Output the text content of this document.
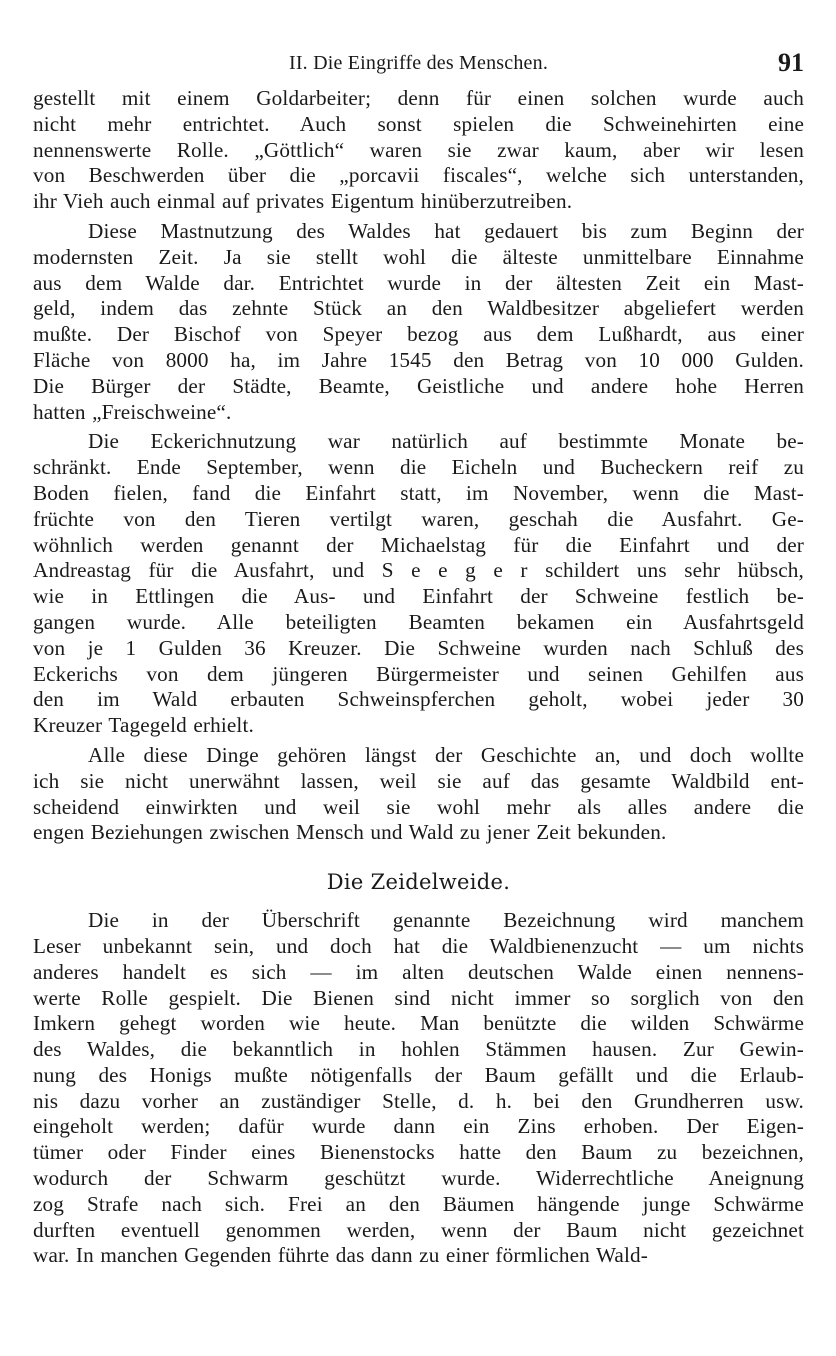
II. Die Eingriffe des Menschen.	91
gestellt mit einem Goldarbeiter; denn für einen solchen wurde auch
nicht mehr entrichtet. Auch sonst spielen die Schweinehirten eine
nennenswerte Rolle. „Göttlich“ waren sie zwar kaum, aber wir lesen
von Beschwerden über die „porcavii fiscales“, welche sich unterstanden,
ihr Vieh auch einmal auf privates Eigentum hinüberzutreiben.
Diese Mastnutzung des Waldes hat gedauert bis zum Beginn der
modernsten Zeit. Ja sie stellt wohl die älteste unmittelbare Einnahme
aus dem Walde dar. Entrichtet wurde in der ältesten Zeit ein Mast-
geld, indem das zehnte Stück an den Waldbesitzer abgeliefert werden
mußte. Der Bischof von Speyer bezog aus dem Lußhardt, aus einer
Fläche von 8000 ha, im Jahre 1545 den Betrag von 10 000 Gulden.
Die Bürger der Städte, Beamte, Geistliche und andere hohe Herren
hatten „Freischweine“.
Die Eckerichnutzung war natürlich auf bestimmte Monate be-
schränkt. Ende September, wenn die Eicheln und Bucheckern reif zu
Boden fielen, fand die Einfahrt statt, im November, wenn die Mast-
früchte von den Tieren vertilgt waren, geschah die Ausfahrt. Ge-
wöhnlich werden genannt der Michaelstag für die Einfahrt und der
Andreastag für die Ausfahrt, und S e e g e r schildert uns sehr hübsch,
wie in Ettlingen die Aus- und Einfahrt der Schweine festlich be-
gangen wurde. Alle beteiligten Beamten bekamen ein Ausfahrtsgeld
von je 1 Gulden 36 Kreuzer. Die Schweine wurden nach Schluß des
Eckerichs von dem jüngeren Bürgermeister und seinen Gehilfen aus
den im Wald erbauten Schweinspferchen geholt, wobei jeder 30
Kreuzer Tagegeld erhielt.
Alle diese Dinge gehören längst der Geschichte an, und doch wollte
ich sie nicht unerwähnt lassen, weil sie auf das gesamte Waldbild ent-
scheidend einwirkten und weil sie wohl mehr als alles andere die
engen Beziehungen zwischen Mensch und Wald zu jener Zeit bekunden.
Die Zeidelweide.
Die in der Überschrift genannte Bezeichnung wird manchem
Leser unbekannt sein, und doch hat die Waldbienenzucht — um nichts
anderes handelt es sich — im alten deutschen Walde einen nennens-
werte Rolle gespielt. Die Bienen sind nicht immer so sorglich von den
Imkern gehegt worden wie heute. Man benützte die wilden Schwärme
des Waldes, die bekanntlich in hohlen Stämmen hausen. Zur Gewin-
nung des Honigs mußte nötigenfalls der Baum gefällt und die Erlaub-
nis dazu vorher an zuständiger Stelle, d. h. bei den Grundherren usw.
eingeholt werden; dafür wurde dann ein Zins erhoben. Der Eigen-
tümer oder Finder eines Bienenstocks hatte den Baum zu bezeichnen,
wodurch der Schwarm geschützt wurde. Widerrechtliche Aneignung
zog Strafe nach sich. Frei an den Bäumen hängende junge Schwärme
durften eventuell genommen werden, wenn der Baum nicht gezeichnet
war. In manchen Gegenden führte das dann zu einer förmlichen Wald-
